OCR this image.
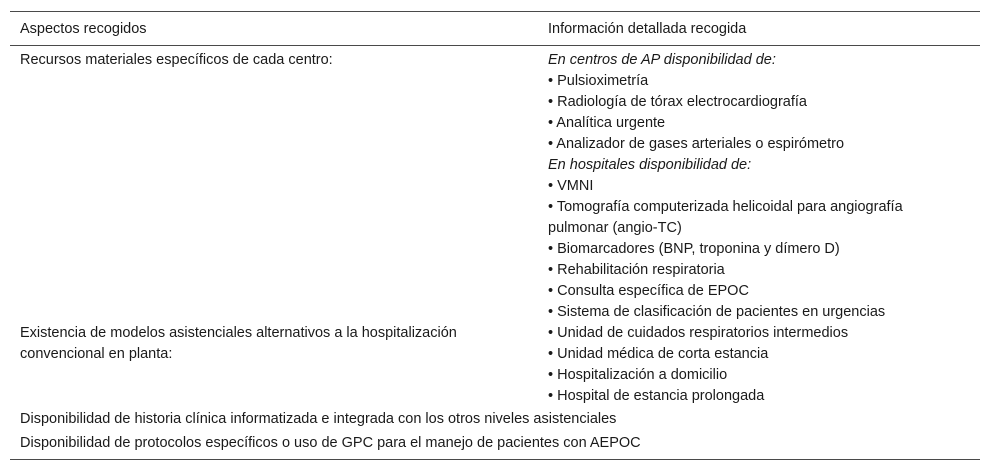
Aspectos recogidos	Información detallada recogida
Recursos materiales específicos de cada centro:	En centros de AP disponibilidad de:

• Pulsioximetría

• Radiología de tórax electrocardiografía

• Analítica urgente

• Analizador de gases arteriales o espirómetro

En hospitales disponibilidad de:

• VMNI

• Tomografía computerizada helicoidal para angiografía pulmonar (angio-TC)

• Biomarcadores (BNP, troponina y dímero D)

• Rehabilitación respiratoria

• Consulta específica de EPOC

• Sistema de clasificación de pacientes en urgencias

Existencia de modelos asistenciales alternativos a la hospitalización convencional en planta:

• Unidad de cuidados respiratorios intermedios

• Unidad médica de corta estancia

• Hospitalización a domicilio

• Hospital de estancia prolongada

Disponibilidad de historia clínica informatizada e integrada con los otros niveles asistenciales
Disponibilidad de protocolos específicos o uso de GPC para el manejo de pacientes con AEPOC
